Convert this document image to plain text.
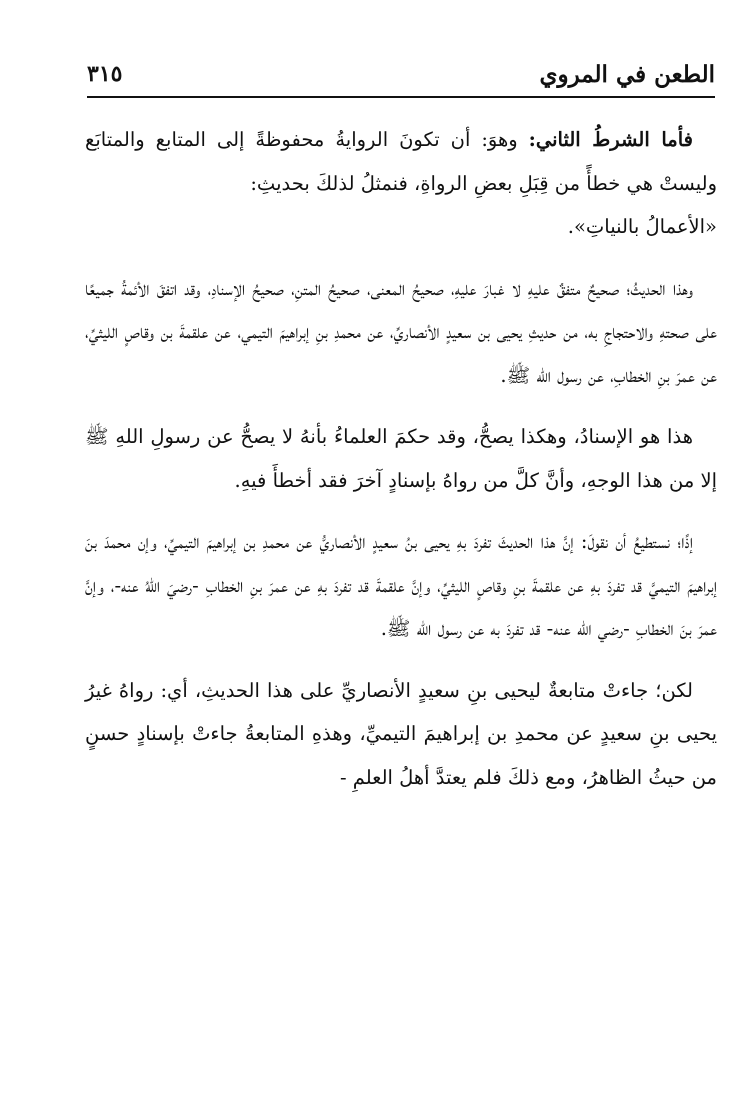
الطعن في المروي
٣١٥

فأما الشرطُ الثاني: وهوَ: أن تكونَ الروايةُ محفوظةً إلى المتابع والمتابَع وليستْ هي خطأً من قِبَلِ بعضِ الرواةِ، فنمثلُ لذلكَ بحديثِ:
«الأعمالُ بالنياتِ».

وهذا الحديثُ؛ صحيحٌ متفقٌ عليهِ لا غبارَ عليهِ، صحيحُ المعنى، صحيحُ المتنِ، صحيحُ الإسنادِ، وقد اتفقَ الأئمةُ جميعًا على صحتهِ والاحتجاجِ به، من حديثِ يحيى بن سعيدٍ الأنصاريِّ، عن محمدِ بنِ إبراهيمَ التيمي، عن علقمةَ بن وقاصٍ الليثيِّ، عن عمرَ بنِ الخطابِ، عن رسول الله ﷺ.

هذا هو الإسنادُ، وهكذا يصحُّ، وقد حكمَ العلماءُ بأنهُ لا يصحُّ عن رسولِ اللهِ ﷺ إلا من هذا الوجهِ، وأنَّ كلَّ من رواهُ بإسنادٍ آخرَ فقد أخطأَ فيهِ.

إذًا؛ نستطيعُ أن نقولَ: إنَّ هذا الحديثَ تفردَ بهِ يحيى بنُ سعيدٍ الأنصاريُّ عن محمدِ بن إبراهيمَ التيميِّ، وإن محمدَ بنَ إبراهيمَ التيميَّ قد تفردَ بهِ عن علقمةَ بنِ وقاصٍ الليثيِّ، وإنَّ علقمةَ قد تفردَ بهِ عن عمرَ بنِ الخطابِ -رضيَ اللهُ عنه-، وإنَّ عمرَ بنَ الخطابِ -رضي الله عنه- قد تفردَ به عن رسول الله ﷺ.

لكن؛ جاءتْ متابعةٌ ليحيى بنِ سعيدٍ الأنصاريِّ على هذا الحديثِ، أي: رواهُ غيرُ يحيى بنِ سعيدٍ عن محمدِ بن إبراهيمَ التيميِّ، وهذهِ المتابعةُ جاءتْ بإسنادٍ حسنٍ من حيثُ الظاهرُ، ومع ذلكَ فلم يعتدَّ أهلُ العلمِ -
